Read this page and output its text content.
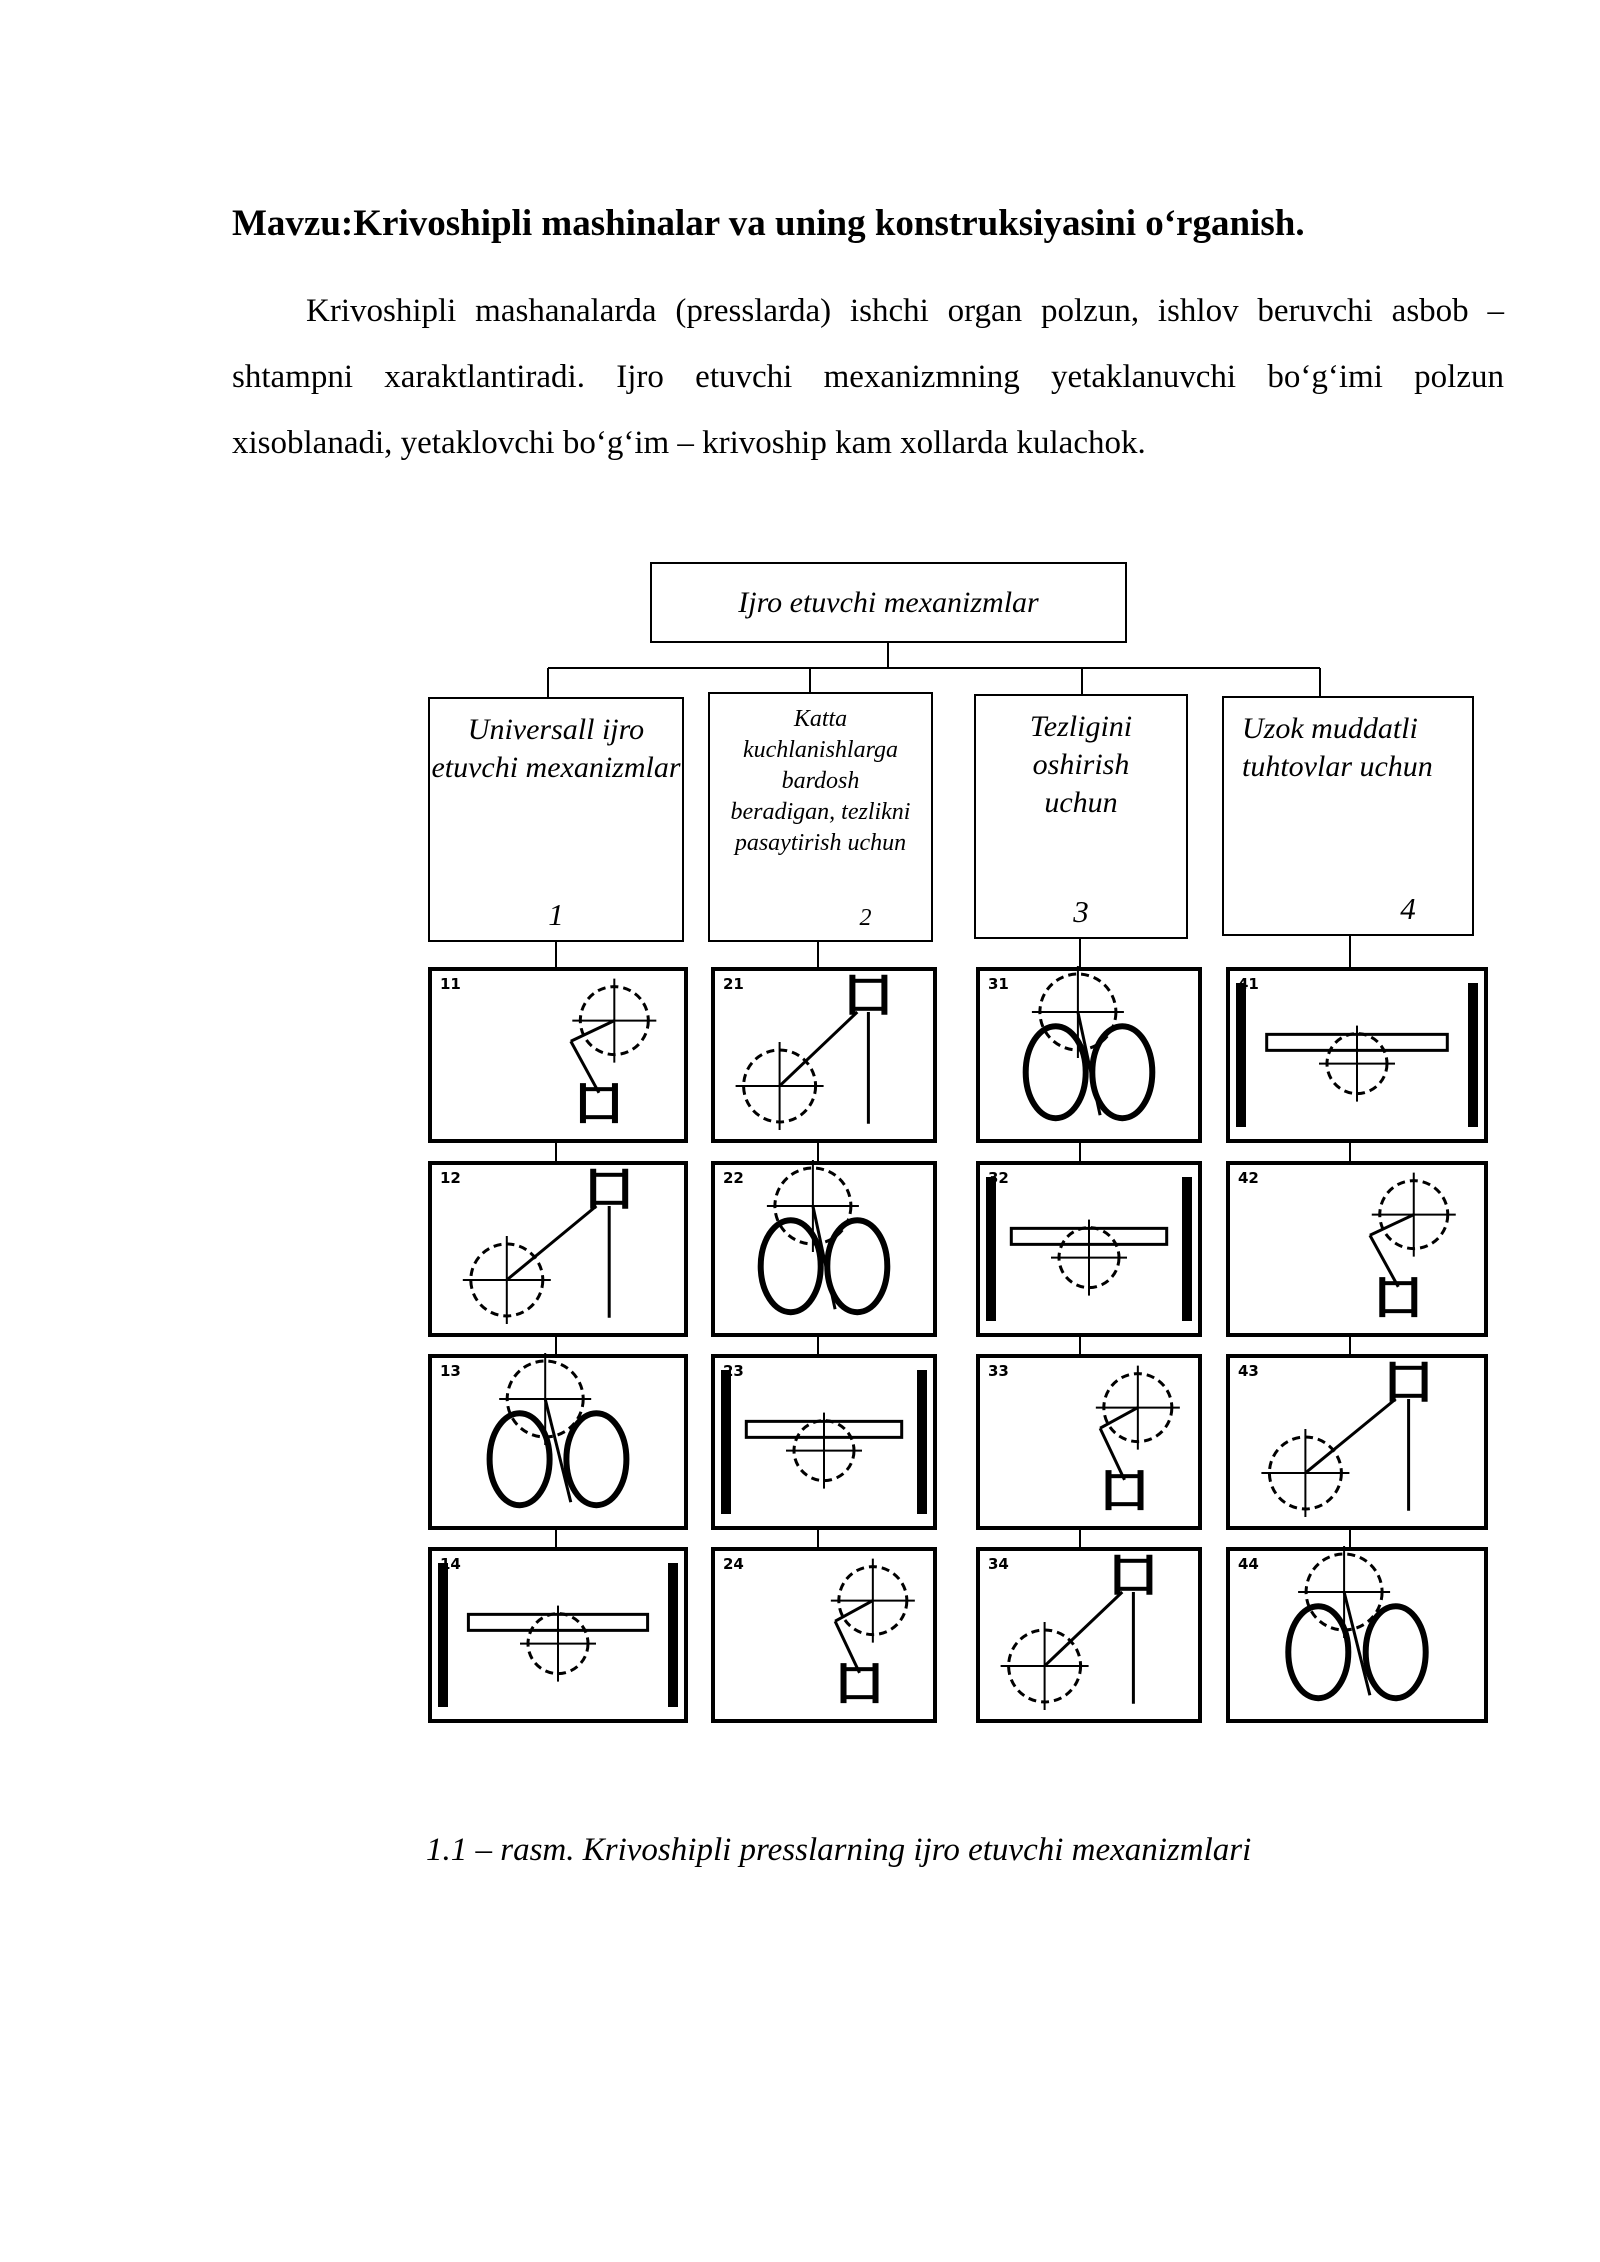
Mavzu:Krivoshipli mashinalar va uning konstruksiyasini o‘rganish.

Krivoshipli mashanalarda (presslarda) ishchi organ polzun, ishlov beruvchi asbob – shtampni xaraktlantiradi. Ijro etuvchi mexanizmning yetaklanuvchi bo‘g‘imi polzun xisoblanadi, yetaklovchi bo‘g‘im – krivoship kam xollarda kulachok.

Ijro etuvchi mexanizmlar
Universall ijro etuvchi mexanizmlar
1
Katta kuchlanishlarga bardosh beradigan, tezlikni pasaytirish uchun
2
Tezligini oshirish uchun
3
Uzok muddatli tuhtovlar uchun
4
11
12
13
14
21
22
23
24
31
32
33
34
41
42
43
44
1.1 – rasm. Krivoshipli presslarning ijro etuvchi mexanizmlari
